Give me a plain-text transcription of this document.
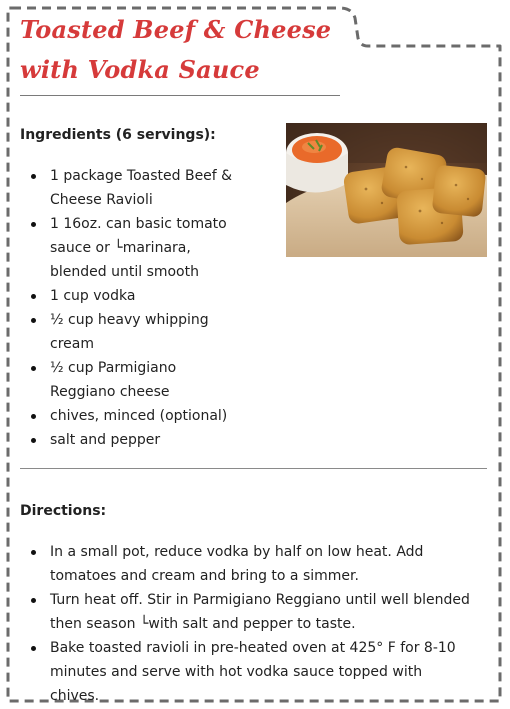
Toasted Beef & Cheese with Vodka Sauce
Ingredients (6 servings):
1 package Toasted Beef & Cheese Ravioli
1 16oz. can basic tomato sauce or └marinara, blended until smooth
1 cup vodka
½ cup heavy whipping cream
½ cup Parmigiano Reggiano cheese
chives, minced (optional)
salt and pepper
Directions:
In a small pot, reduce vodka by half on low heat. Add tomatoes and cream and bring to a simmer.
Turn heat off. Stir in Parmigiano Reggiano until well blended then season └with salt and pepper to taste.
Bake toasted ravioli in pre-heated oven at 425° F for 8-10 minutes and serve with hot vodka sauce topped with chives.
